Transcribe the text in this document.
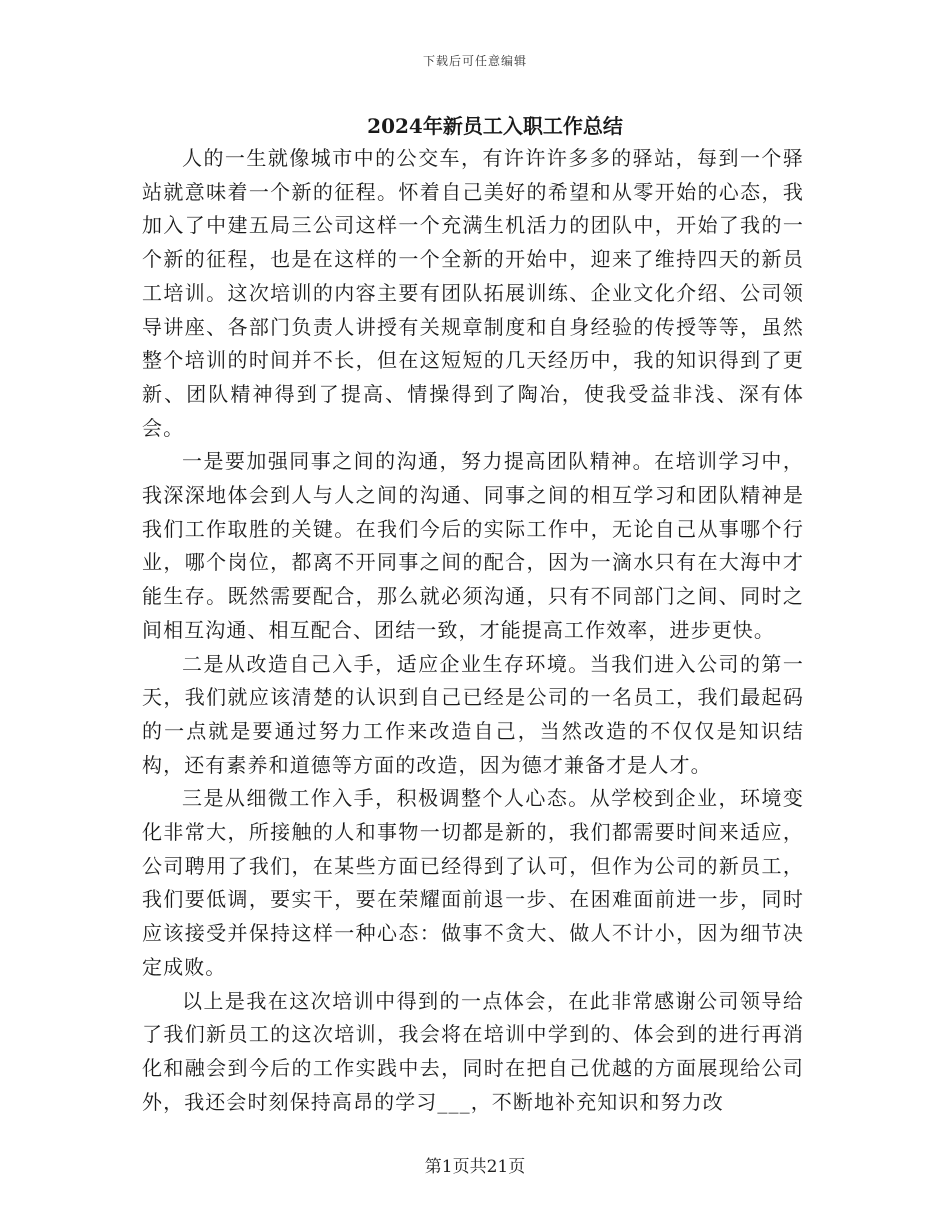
下载后可任意编辑
2024年新员工入职工作总结

人的一生就像城市中的公交车，有许许许多多的驿站，每到一个驿站就意味着一个新的征程。怀着自己美好的希望和从零开始的心态，我加入了中建五局三公司这样一个充满生机活力的团队中，开始了我的一个新的征程，也是在这样的一个全新的开始中，迎来了维持四天的新员工培训。这次培训的内容主要有团队拓展训练、企业文化介绍、公司领导讲座、各部门负责人讲授有关规章制度和自身经验的传授等等，虽然整个培训的时间并不长，但在这短短的几天经历中，我的知识得到了更新、团队精神得到了提高、情操得到了陶冶，使我受益非浅、深有体会。

一是要加强同事之间的沟通，努力提高团队精神。在培训学习中，我深深地体会到人与人之间的沟通、同事之间的相互学习和团队精神是我们工作取胜的关键。在我们今后的实际工作中，无论自己从事哪个行业，哪个岗位，都离不开同事之间的配合，因为一滴水只有在大海中才能生存。既然需要配合，那么就必须沟通，只有不同部门之间、同时之间相互沟通、相互配合、团结一致，才能提高工作效率，进步更快。

二是从改造自己入手，适应企业生存环境。当我们进入公司的第一天，我们就应该清楚的认识到自己已经是公司的一名员工，我们最起码的一点就是要通过努力工作来改造自己，当然改造的不仅仅是知识结构，还有素养和道德等方面的改造，因为德才兼备才是人才。

三是从细微工作入手，积极调整个人心态。从学校到企业，环境变化非常大，所接触的人和事物一切都是新的，我们都需要时间来适应，公司聘用了我们，在某些方面已经得到了认可，但作为公司的新员工，我们要低调，要实干，要在荣耀面前退一步、在困难面前进一步，同时应该接受并保持这样一种心态：做事不贪大、做人不计小，因为细节决定成败。

以上是我在这次培训中得到的一点体会，在此非常感谢公司领导给了我们新员工的这次培训，我会将在培训中学到的、体会到的进行再消化和融会到今后的工作实践中去，同时在把自己优越的方面展现给公司外，我还会时刻保持高昂的学习___，不断地补充知识和努力改

第1页共21页
